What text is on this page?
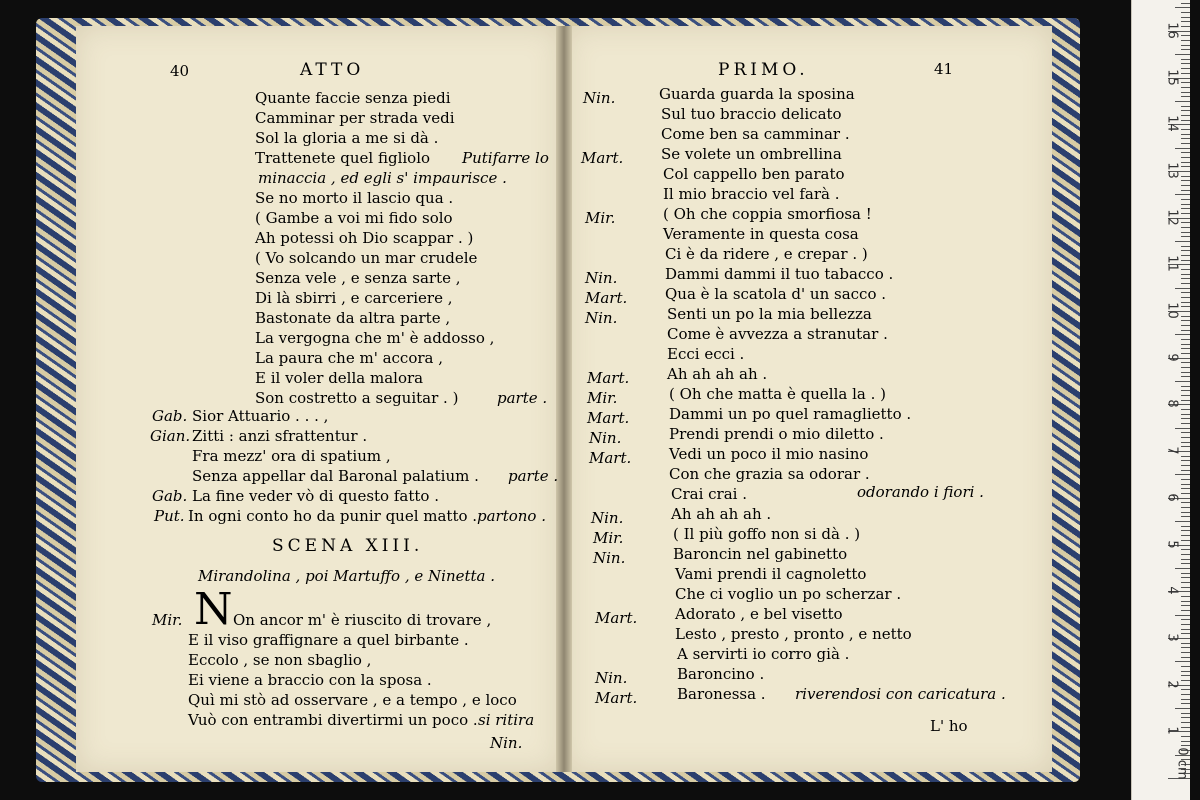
40	ATTO
SCENA XIII.
Mirandolina , poi Martuffo , e Ninetta .
N
41
PRIMO.
L' ho
Quante faccie senza piedi
Camminar per strada vedi
Sol la gloria a me si dà .
Trattenete quel figliolo
Se no morto il lascio qua .
( Gambe a voi mi fido solo
Ah potessi oh Dio scappar . )
( Vo solcando un mar crudele
Senza vele , e senza sarte ,
Di là sbirri , e carceriere ,
Bastonate da altra parte ,
La vergogna che m' è addosso ,
La paura che m' accora ,
E il voler della malora
Son costretto a seguitar . )
Sior Attuario . . . ,
Zitti : anzi sfrattentur .
Fra mezz' ora di spatium ,
Senza appellar dal Baronal palatium .
La fine veder vò di questo fatto .
In ogni conto ho da punir quel matto .
On ancor m' è riuscito di trovare ,
E il viso graffignare a quel birbante .
Eccolo , se non sbaglio ,
Ei viene a braccio con la sposa .
Quì mi stò ad osservare , e a tempo , e loco
Vuò con entrambi divertirmi un poco .
Putifarre lo
minaccia , ed egli s' impaurisce .
parte .
parte .
partono .
si ritira
Nin.
Gab.
Gian.
Gab.
Put.
Mir.
Guarda guarda la sposina
Sul tuo braccio delicato
Come ben sa camminar .
Se volete un ombrellina
Col cappello ben parato
Il mio braccio vel farà .
( Oh che coppia smorfiosa !
Veramente in questa cosa
Ci è da ridere , e crepar . )
Dammi dammi il tuo tabacco .
Qua è la scatola d' un sacco .
Senti un po la mia bellezza
Come è avvezza a stranutar .
Ecci ecci .
Ah ah ah ah .
( Oh che matta è quella la . )
Dammi un po quel ramaglietto .
Prendi prendi o mio diletto .
Vedi un poco il mio nasino
Con che grazia sa odorar .
Crai crai .
Ah ah ah ah .
( Il più goffo non si dà . )
Baroncin nel gabinetto
Vami prendi il cagnoletto
Che ci voglio un po scherzar .
Adorato , e bel visetto
Lesto , presto , pronto , e netto
A servirti io corro già .
Baroncino .
Baronessa .
odorando i fiori .
riverendosi con caricatura .
Nin.
Mart.
Mir.
Nin.
Mart.
Nin.
Mart.
Mir.
Mart.
Nin.
Mart.
Nin.
Mir.
Nin.
Mart.
Nin.
Mart.
0 cm
1
2
3
4
5
6
7
8
9
10
11
12
13
14
15
16
